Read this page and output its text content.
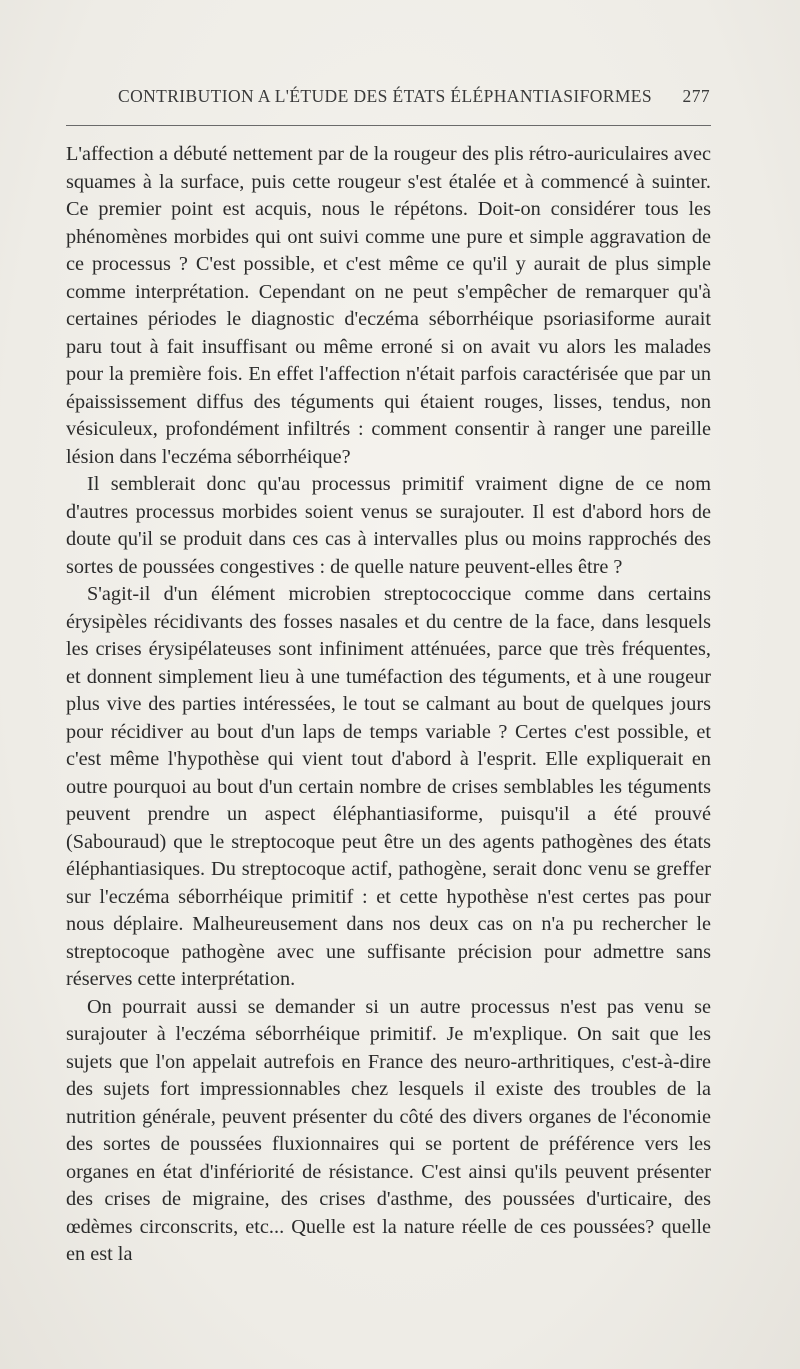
CONTRIBUTION A L'ÉTUDE DES ÉTATS ÉLÉPHANTIASIFORMES 277

L'affection a débuté nettement par de la rougeur des plis rétro-auriculaires avec squames à la surface, puis cette rougeur s'est étalée et à commencé à suinter. Ce premier point est acquis, nous le répétons. Doit-on considérer tous les phénomènes morbides qui ont suivi comme une pure et simple aggravation de ce processus ? C'est possible, et c'est même ce qu'il y aurait de plus simple comme interprétation. Cependant on ne peut s'empêcher de remarquer qu'à certaines périodes le diagnostic d'eczéma séborrhéique psoriasiforme aurait paru tout à fait insuffisant ou même erroné si on avait vu alors les malades pour la première fois. En effet l'affection n'était parfois caractérisée que par un épaississement diffus des téguments qui étaient rouges, lisses, tendus, non vésiculeux, profondément infiltrés : comment consentir à ranger une pareille lésion dans l'eczéma séborrhéique?

Il semblerait donc qu'au processus primitif vraiment digne de ce nom d'autres processus morbides soient venus se surajouter. Il est d'abord hors de doute qu'il se produit dans ces cas à intervalles plus ou moins rapprochés des sortes de poussées congestives : de quelle nature peuvent-elles être ?

S'agit-il d'un élément microbien streptococcique comme dans certains érysipèles récidivants des fosses nasales et du centre de la face, dans lesquels les crises érysipélateuses sont infiniment atténuées, parce que très fréquentes, et donnent simplement lieu à une tuméfaction des téguments, et à une rougeur plus vive des parties intéressées, le tout se calmant au bout de quelques jours pour récidiver au bout d'un laps de temps variable ? Certes c'est possible, et c'est même l'hypothèse qui vient tout d'abord à l'esprit. Elle expliquerait en outre pourquoi au bout d'un certain nombre de crises semblables les téguments peuvent prendre un aspect éléphantiasiforme, puisqu'il a été prouvé (Sabouraud) que le streptocoque peut être un des agents pathogènes des états éléphantiasiques. Du streptocoque actif, pathogène, serait donc venu se greffer sur l'eczéma séborrhéique primitif : et cette hypothèse n'est certes pas pour nous déplaire. Malheureusement dans nos deux cas on n'a pu rechercher le streptocoque pathogène avec une suffisante précision pour admettre sans réserves cette interprétation.

On pourrait aussi se demander si un autre processus n'est pas venu se surajouter à l'eczéma séborrhéique primitif. Je m'explique. On sait que les sujets que l'on appelait autrefois en France des neuro-arthritiques, c'est-à-dire des sujets fort impressionnables chez lesquels il existe des troubles de la nutrition générale, peuvent présenter du côté des divers organes de l'économie des sortes de poussées fluxionnaires qui se portent de préférence vers les organes en état d'infériorité de résistance. C'est ainsi qu'ils peuvent présenter des crises de migraine, des crises d'asthme, des poussées d'urticaire, des œdèmes circonscrits, etc... Quelle est la nature réelle de ces poussées? quelle en est la
